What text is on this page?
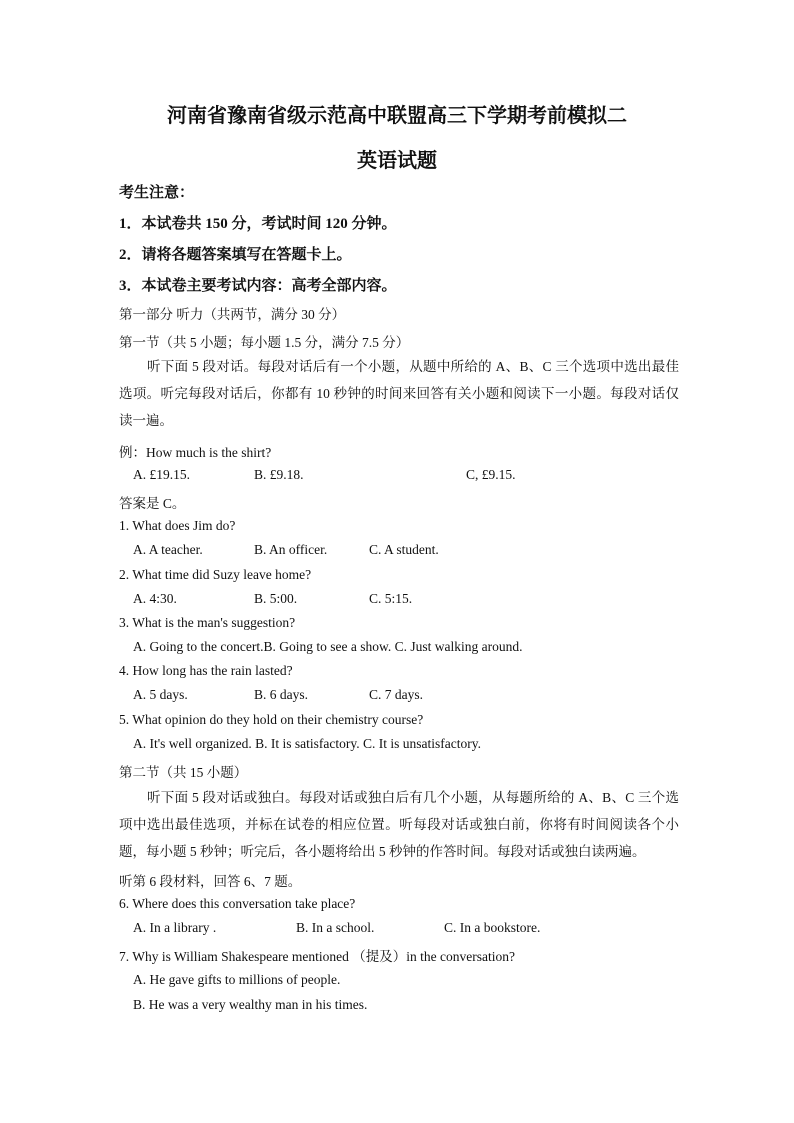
河南省豫南省级示范高中联盟高三下学期考前模拟二
英语试题
考生注意：
1．本试卷共 150 分，考试时间 120 分钟。
2．请将各题答案填写在答题卡上。
3．本试卷主要考试内容：高考全部内容。
第一部分 听力（共两节，满分 30 分）
第一节（共 5 小题；每小题 1.5 分，满分 7.5 分）
听下面 5 段对话。每段对话后有一个小题，从题中所给的 A、B、C 三个选项中选出最佳选项。听完每段对话后，你都有 10 秒钟的时间来回答有关小题和阅读下一小题。每段对话仅读一遍。
例：How much is the shirt?
A. £19.15.	B. £9.18.	C, £9.15.
答案是 C。
1. What does Jim do?
A. A teacher.	B. An officer.	C. A student.
2. What time did Suzy leave home?
A. 4:30.	B. 5:00.	C. 5:15.
3. What is the man's suggestion?
A. Going to the concert.B. Going to see a show. C. Just walking around.
4. How long has the rain lasted?
A. 5 days.	B. 6 days.	C. 7 days.
5. What opinion do they hold on their chemistry course?
A. It's well organized. B. It is satisfactory. C. It is unsatisfactory.
第二节（共 15 小题）
听下面 5 段对话或独白。每段对话或独白后有几个小题，从每题所给的 A、B、C 三个选项中选出最佳选项，并标在试卷的相应位置。听每段对话或独白前，你将有时间阅读各个小题，每小题 5 秒钟；听完后，各小题将给出 5 秒钟的作答时间。每段对话或独白读两遍。
听第 6 段材料，回答 6、7 题。
6. Where does this conversation take place?
A. In a library .	B. In a school.	C. In a bookstore.
7. Why is William Shakespeare mentioned （提及）in the conversation?
A. He gave gifts to millions of people.
B. He was a very wealthy man in his times.
